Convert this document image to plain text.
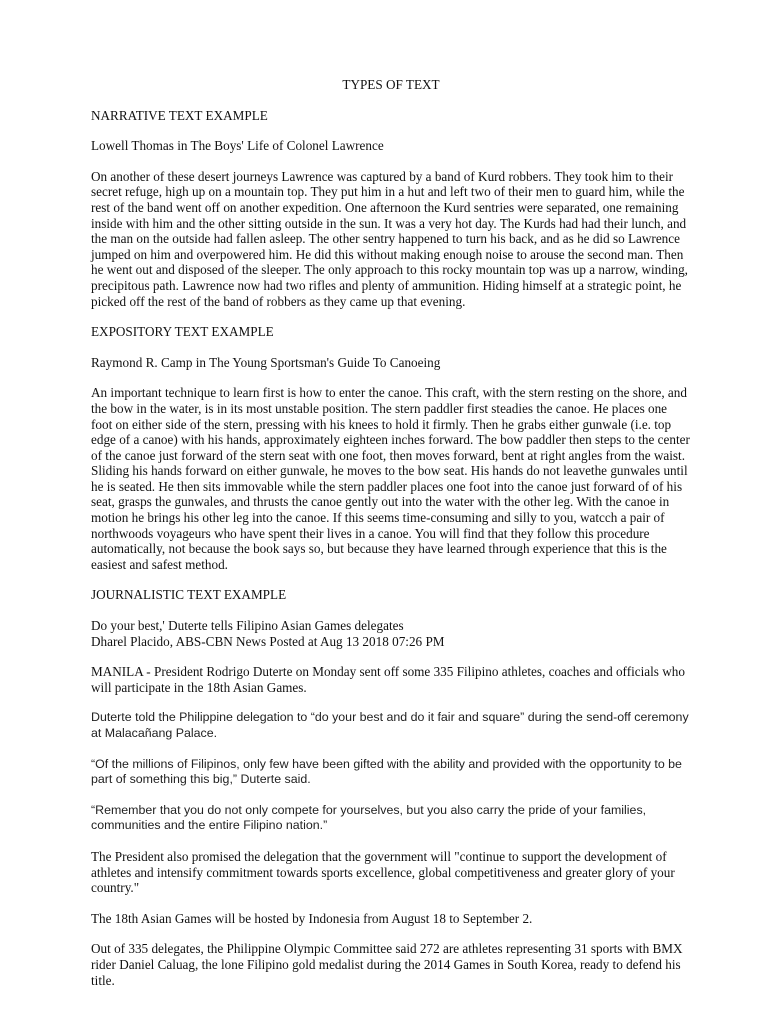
TYPES OF TEXT
NARRATIVE TEXT EXAMPLE
Lowell Thomas in The Boys' Life of Colonel Lawrence
On another of these desert journeys Lawrence was captured by a band of Kurd robbers. They took him to their secret refuge, high up on a mountain top. They put him in a hut and left two of their men to guard him, while the rest of the band went off on another expedition. One afternoon the Kurd sentries were separated, one remaining inside with him and the other sitting outside in the sun. It was a very hot day. The Kurds had had their lunch, and the man on the outside had fallen asleep. The other sentry happened to turn his back, and as he did so Lawrence jumped on him and overpowered him. He did this without making enough noise to arouse the second man. Then he went out and disposed of the sleeper. The only approach to this rocky mountain top was up a narrow, winding, precipitous path. Lawrence now had two rifles and plenty of ammunition. Hiding himself at a strategic point, he picked off the rest of the band of robbers as they came up that evening.
EXPOSITORY TEXT EXAMPLE
Raymond R. Camp in The Young Sportsman's Guide To Canoeing
An important technique to learn first is how to enter the canoe. This craft, with the stern resting on the shore, and the bow in the water, is in its most unstable position. The stern paddler first steadies the canoe. He places one foot on either side of the stern, pressing with his knees to hold it firmly. Then he grabs either gunwale (i.e. top edge of a canoe) with his hands, approximately eighteen inches forward. The bow paddler then steps to the center of the canoe just forward of the stern seat with one foot, then moves forward, bent at right angles from the waist. Sliding his hands forward on either gunwale, he moves to the bow seat. His hands do not leavethe gunwales until he is seated. He then sits immovable while the stern paddler places one foot into the canoe just forward of of his seat, grasps the gunwales, and thrusts the canoe gently out into the water with the other leg. With the canoe in motion he brings his other leg into the canoe. If this seems time-consuming and silly to you, watcch a pair of northwoods voyageurs who have spent their lives in a canoe. You will find that they follow this procedure automatically, not because the book says so, but because they have learned through experience that this is the easiest and safest method.
JOURNALISTIC TEXT EXAMPLE
Do your best,' Duterte tells Filipino Asian Games delegates
Dharel Placido, ABS-CBN News Posted at Aug 13 2018 07:26 PM
MANILA - President Rodrigo Duterte on Monday sent off some 335 Filipino athletes, coaches and officials who will participate in the 18th Asian Games.
Duterte told the Philippine delegation to “do your best and do it fair and square” during the send-off ceremony at Malacañang Palace.
“Of the millions of Filipinos, only few have been gifted with the ability and provided with the opportunity to be part of something this big,” Duterte said.
“Remember that you do not only compete for yourselves, but you also carry the pride of your families, communities and the entire Filipino nation.”
The President also promised the delegation that the government will "continue to support the development of athletes and intensify commitment towards sports excellence, global competitiveness and greater glory of your country."
The 18th Asian Games will be hosted by Indonesia from August 18 to September 2.
Out of 335 delegates, the Philippine Olympic Committee said 272 are athletes representing 31 sports with BMX rider Daniel Caluag, the lone Filipino gold medalist during the 2014 Games in South Korea, ready to defend his title.
